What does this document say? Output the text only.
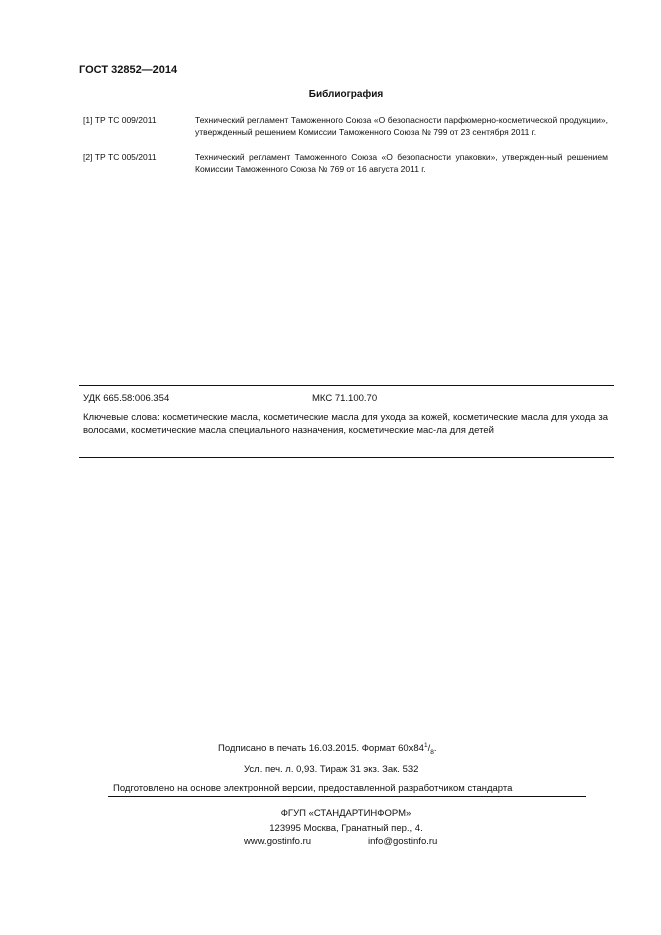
ГОСТ 32852—2014
Библиография
[1] ТР ТС 009/2011	Технический регламент Таможенного Союза «О безопасности парфюмерно-косметической продукции», утвержденный решением Комиссии Таможенного Союза № 799 от 23 сентября 2011 г.
[2] ТР ТС 005/2011	Технический регламент Таможенного Союза «О безопасности упаковки», утвержден-ный решением Комиссии Таможенного Союза № 769 от 16 августа 2011 г.
УДК 665.58:006.354	МКС 71.100.70
Ключевые слова: косметические масла, косметические масла для ухода за кожей, косметические масла для ухода за волосами, косметические масла специального назначения, косметические мас-ла для детей
Подписано в печать 16.03.2015. Формат $60х84^1/_8$.
Усл. печ. л. 0,93. Тираж 31 экз. Зак. 532
Подготовлено на основе электронной версии, предоставленной разработчиком стандарта
ФГУП «СТАНДАРТИНФОРМ»
123995 Москва, Гранатный пер., 4.
www.gostinfo.ru	info@gostinfo.ru
